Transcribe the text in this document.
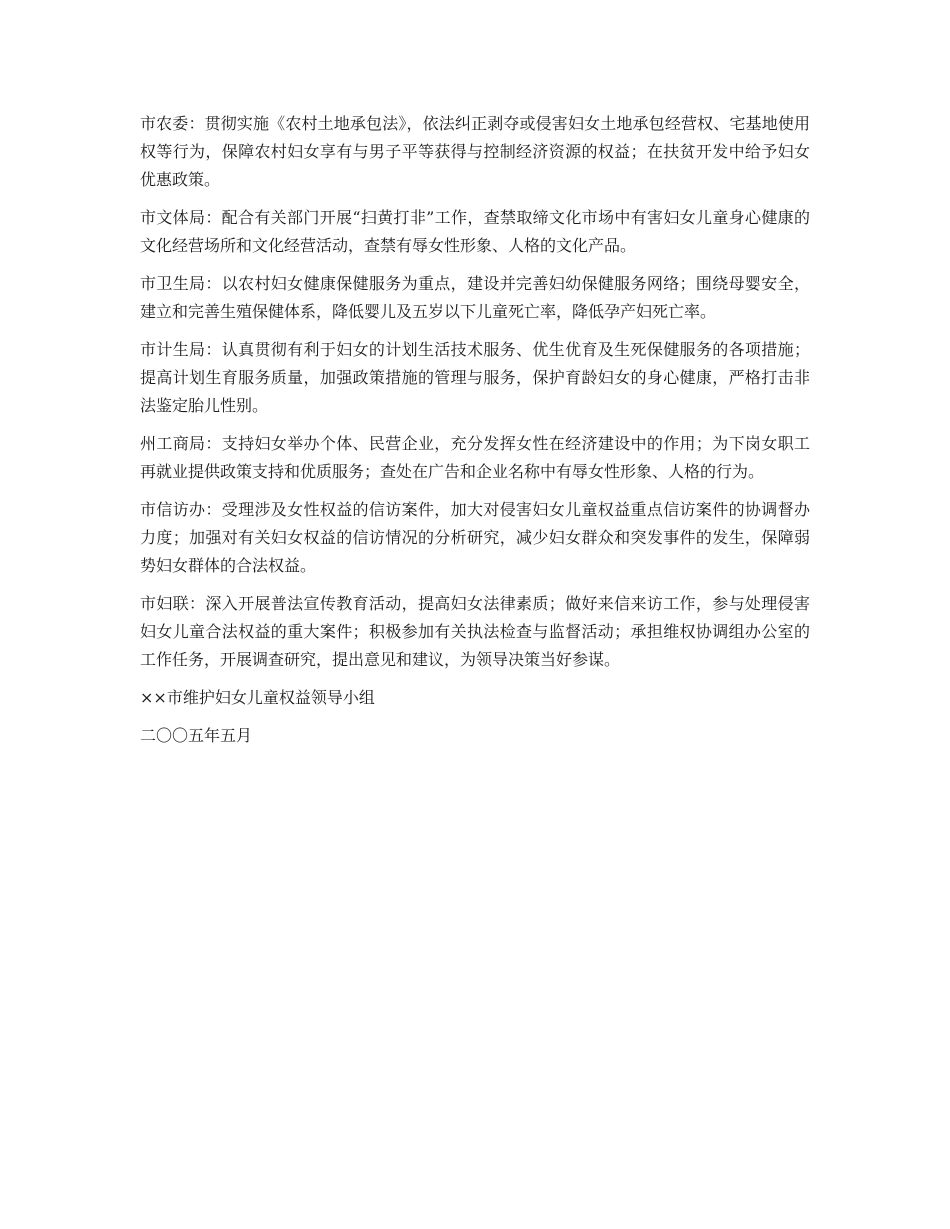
市农委：贯彻实施《农村土地承包法》，依法纠正剥夺或侵害妇女土地承包经营权、宅基地使用权等行为，保障农村妇女享有与男子平等获得与控制经济资源的权益；在扶贫开发中给予妇女优惠政策。

市文体局：配合有关部门开展“扫黄打非”工作，查禁取缔文化市场中有害妇女儿童身心健康的文化经营场所和文化经营活动，查禁有辱女性形象、人格的文化产品。

市卫生局：以农村妇女健康保健服务为重点，建设并完善妇幼保健服务网络；围绕母婴安全，建立和完善生殖保健体系，降低婴儿及五岁以下儿童死亡率，降低孕产妇死亡率。

市计生局：认真贯彻有利于妇女的计划生活技术服务、优生优育及生死保健服务的各项措施；提高计划生育服务质量，加强政策措施的管理与服务，保护育龄妇女的身心健康，严格打击非法鉴定胎儿性别。

州工商局：支持妇女举办个体、民营企业，充分发挥女性在经济建设中的作用；为下岗女职工再就业提供政策支持和优质服务；查处在广告和企业名称中有辱女性形象、人格的行为。

市信访办：受理涉及女性权益的信访案件，加大对侵害妇女儿童权益重点信访案件的协调督办力度；加强对有关妇女权益的信访情况的分析研究，减少妇女群众和突发事件的发生，保障弱势妇女群体的合法权益。

市妇联：深入开展普法宣传教育活动，提高妇女法律素质；做好来信来访工作，参与处理侵害妇女儿童合法权益的重大案件；积极参加有关执法检查与监督活动；承担维权协调组办公室的工作任务，开展调查研究，提出意见和建议，为领导决策当好参谋。

××市维护妇女儿童权益领导小组

二〇〇五年五月
